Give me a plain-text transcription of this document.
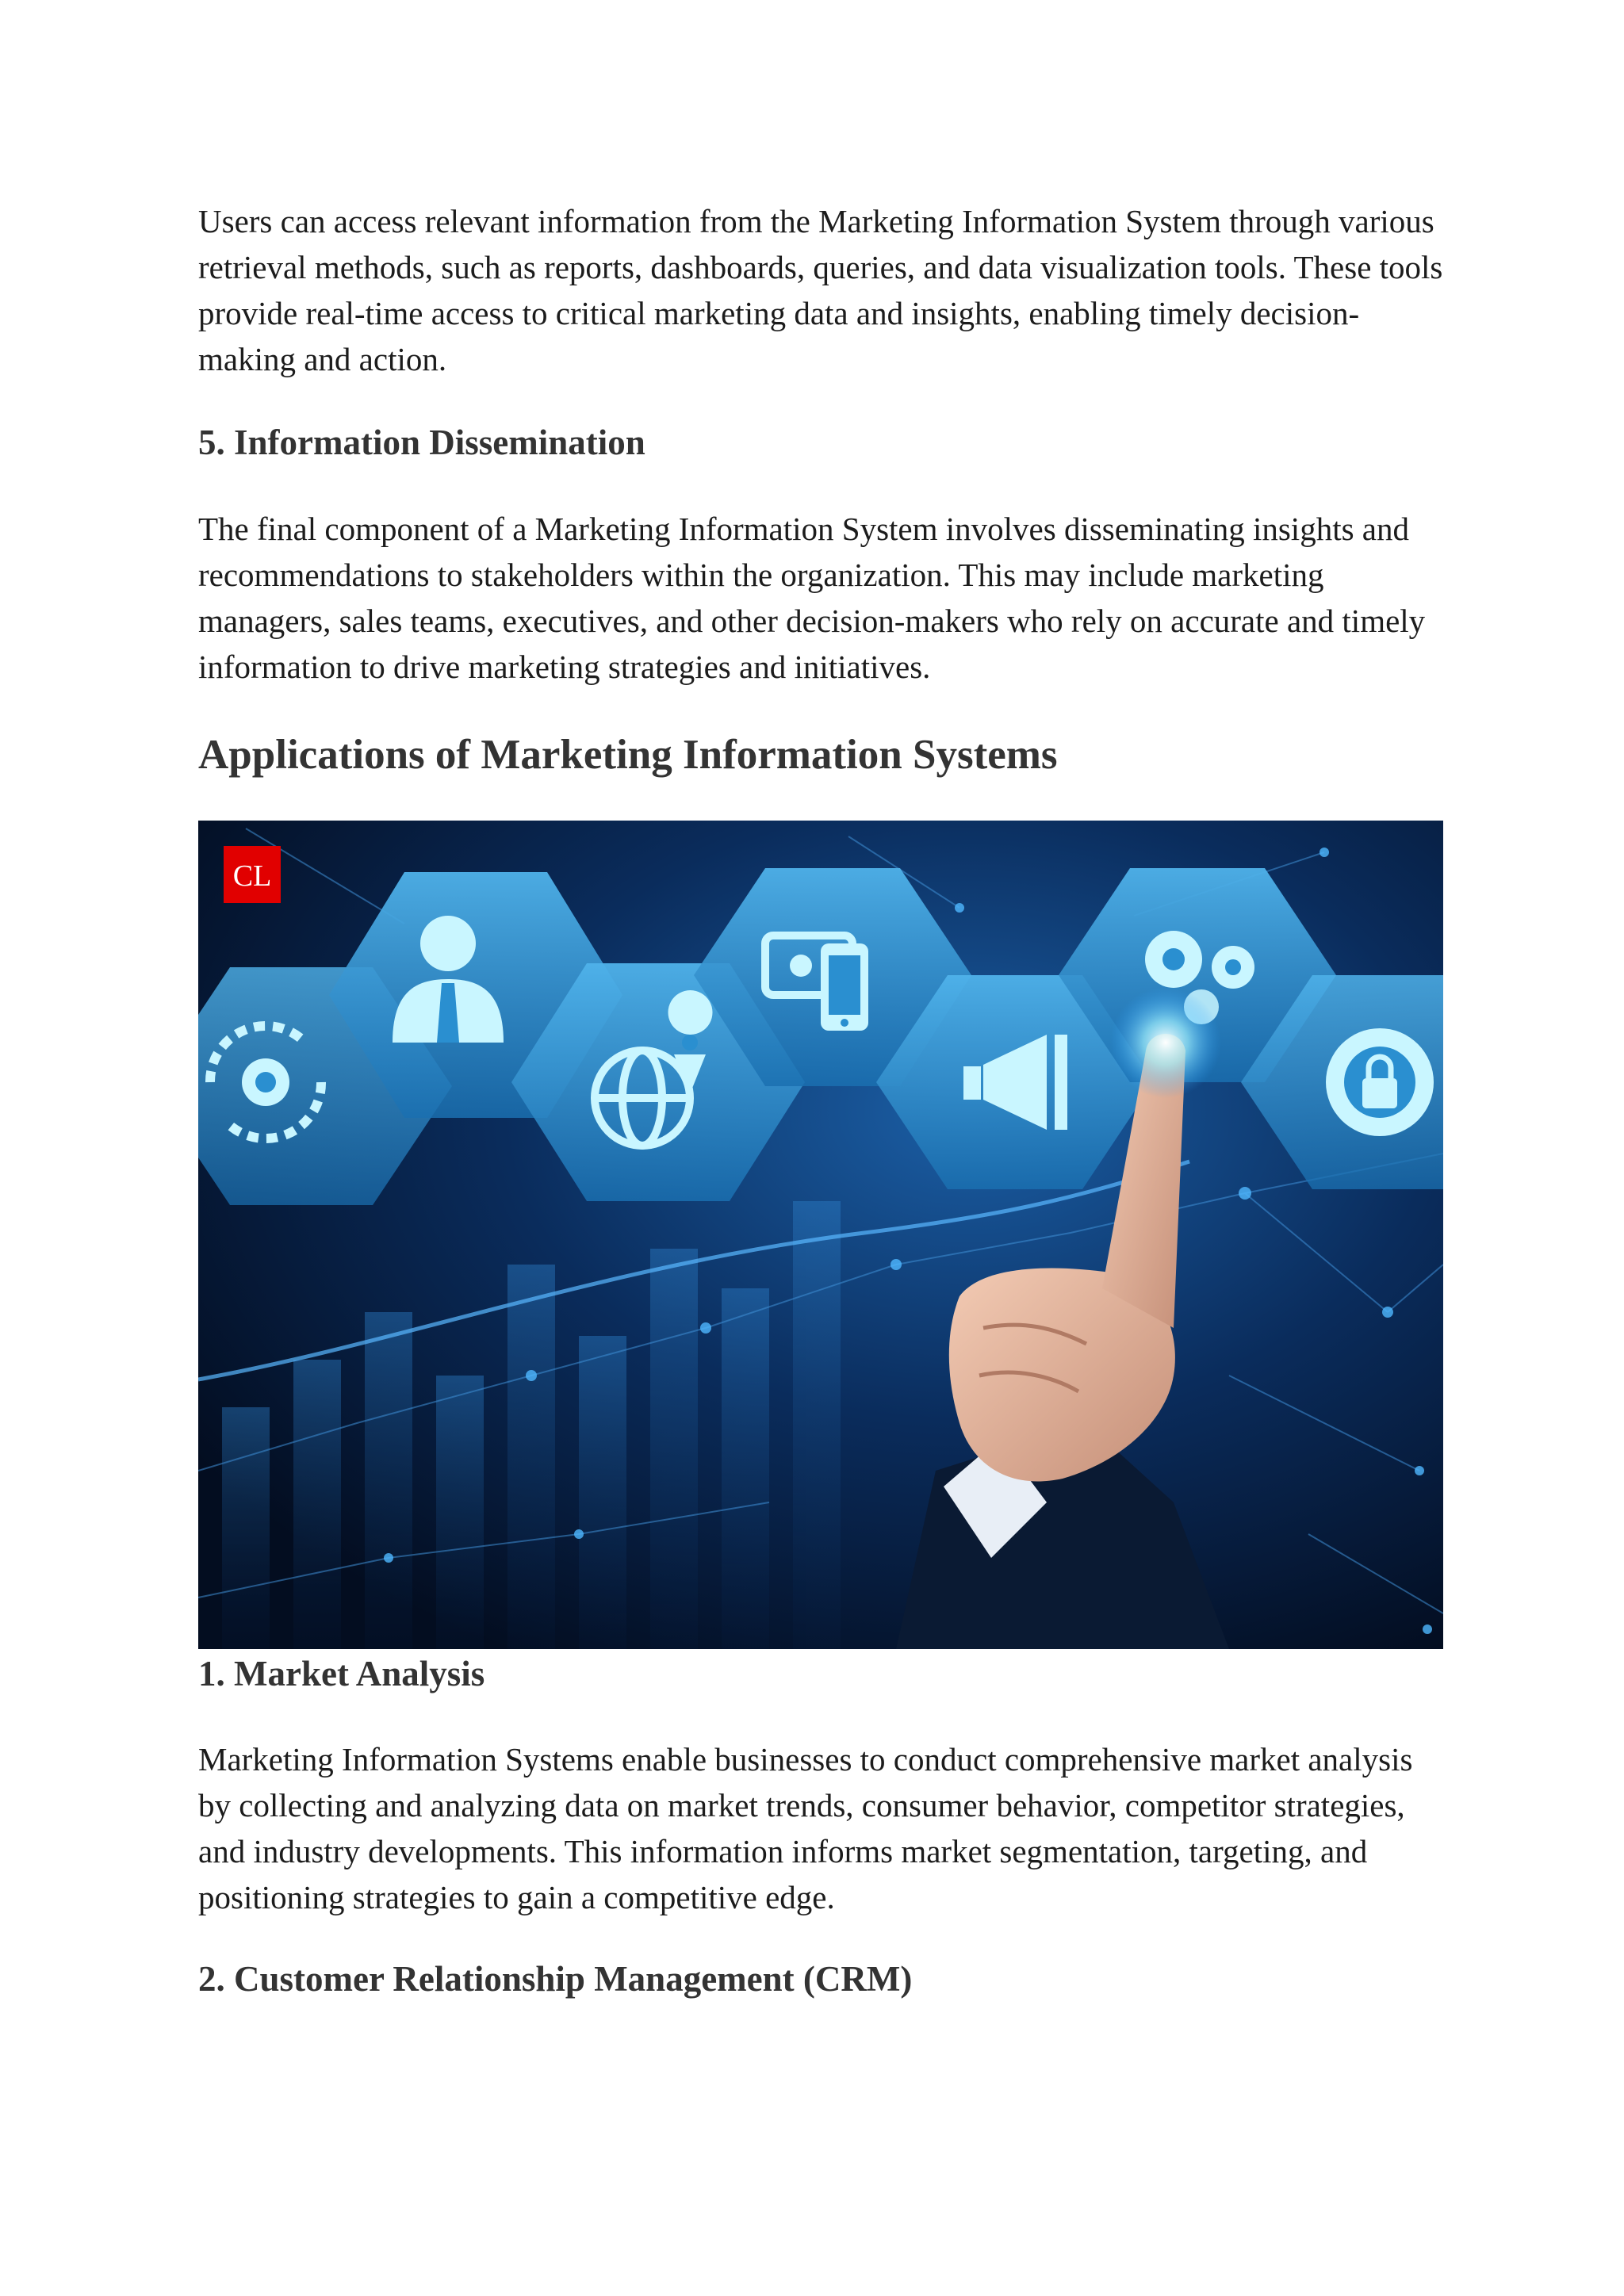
Users can access relevant information from the Marketing Information System through various retrieval methods, such as reports, dashboards, queries, and data visualization tools. These tools provide real-time access to critical marketing data and insights, enabling timely decision-making and action.

5. Information Dissemination

The final component of a Marketing Information System involves disseminating insights and recommendations to stakeholders within the organization. This may include marketing managers, sales teams, executives, and other decision-makers who rely on accurate and timely information to drive marketing strategies and initiatives.

Applications of Marketing Information Systems
CL
1. Market Analysis

Marketing Information Systems enable businesses to conduct comprehensive market analysis by collecting and analyzing data on market trends, consumer behavior, competitor strategies, and industry developments. This information informs market segmentation, targeting, and positioning strategies to gain a competitive edge.

2. Customer Relationship Management (CRM)
